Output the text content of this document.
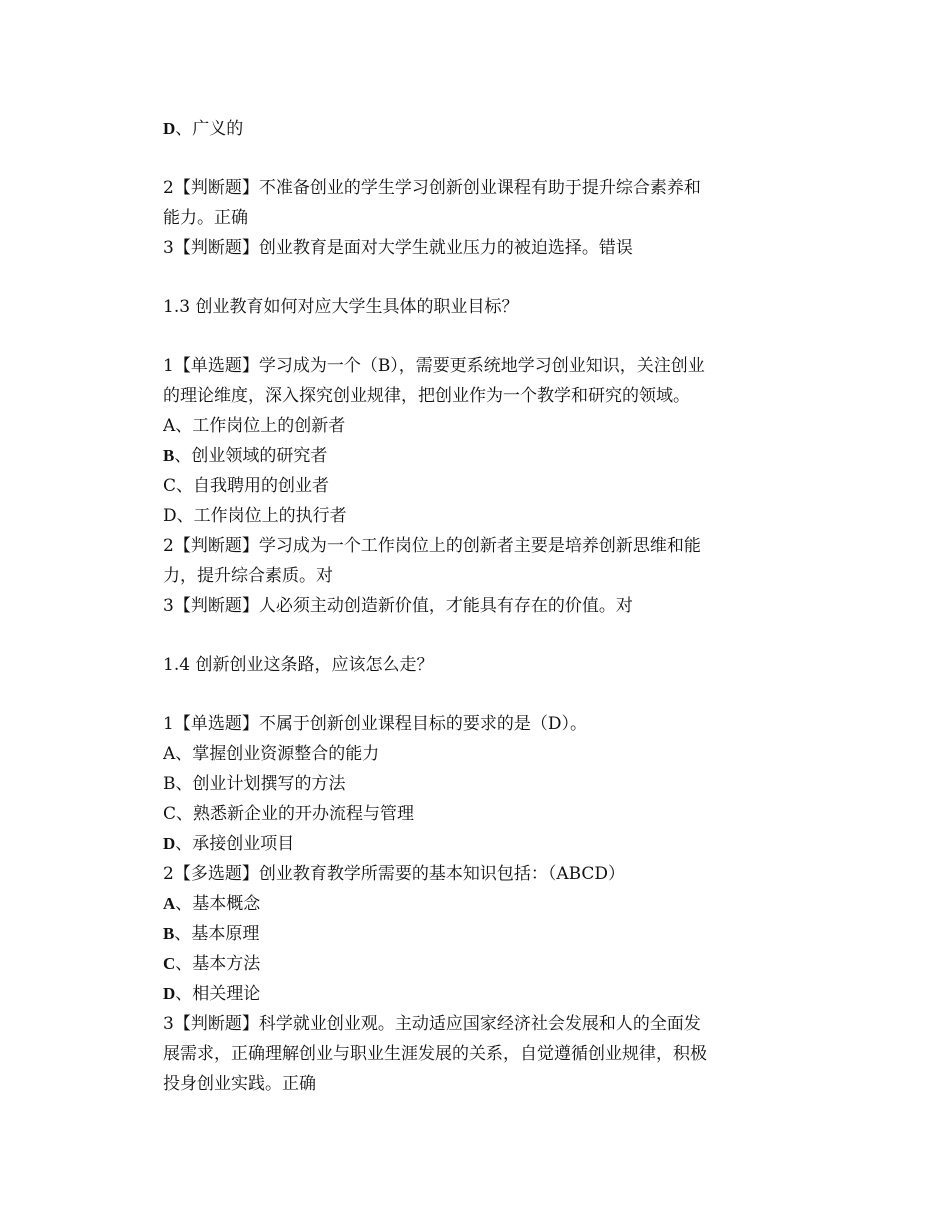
D、广义的
2【判断题】不准备创业的学生学习创新创业课程有助于提升综合素养和
能力。正确
3【判断题】创业教育是面对大学生就业压力的被迫选择。错误
1.3 创业教育如何对应大学生具体的职业目标？
1【单选题】学习成为一个（B），需要更系统地学习创业知识，关注创业
的理论维度，深入探究创业规律，把创业作为一个教学和研究的领域。
A、工作岗位上的创新者
B、创业领域的研究者
C、自我聘用的创业者
D、工作岗位上的执行者
2【判断题】学习成为一个工作岗位上的创新者主要是培养创新思维和能
力，提升综合素质。对
3【判断题】人必须主动创造新价值，才能具有存在的价值。对
1.4 创新创业这条路，应该怎么走？
1【单选题】不属于创新创业课程目标的要求的是（D）。
A、掌握创业资源整合的能力
B、创业计划撰写的方法
C、熟悉新企业的开办流程与管理
D、承接创业项目
2【多选题】创业教育教学所需要的基本知识包括：（ABCD）
A、基本概念
B、基本原理
C、基本方法
D、相关理论
3【判断题】科学就业创业观。主动适应国家经济社会发展和人的全面发
展需求，正确理解创业与职业生涯发展的关系，自觉遵循创业规律，积极
投身创业实践。正确
